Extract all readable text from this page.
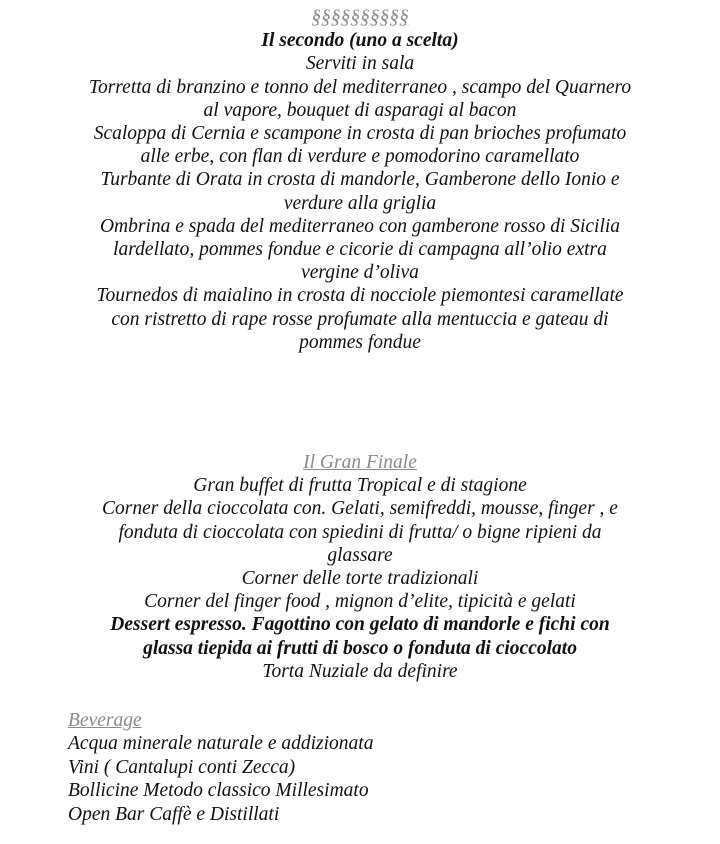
§§§§§§§§§§
Il secondo (uno a scelta)
Serviti in sala
Torretta di branzino e tonno del mediterraneo , scampo del Quarnero
al vapore, bouquet di asparagi al bacon
Scaloppa di Cernia e scampone in crosta di pan brioches profumato
alle erbe, con flan di verdure e pomodorino caramellato
Turbante di Orata in crosta di mandorle, Gamberone dello Ionio e
verdure alla griglia
Ombrina e spada del mediterraneo con gamberone rosso di Sicilia
lardellato, pommes fondue e cicorie di campagna all’olio extra
vergine d’oliva
Tournedos di maialino in crosta di nocciole piemontesi caramellate
con ristretto di rape rosse profumate alla mentuccia e gateau di
pommes fondue
Il Gran Finale
Gran buffet di frutta Tropical e di stagione
Corner della cioccolata con. Gelati, semifreddi, mousse, finger , e
fonduta di cioccolata con spiedini di frutta/ o bigne ripieni da
glassare
Corner delle torte tradizionali
Corner del finger food , mignon d’elite, tipicità e gelati
Dessert espresso. Fagottino con gelato di mandorle e fichi con
glassa tiepida ai frutti di bosco o fonduta di cioccolato
Torta Nuziale da definire
Beverage
Acqua minerale naturale e addizionata
Vini ( Cantalupi conti Zecca)
Bollicine Metodo classico Millesimato
Open Bar Caffè e Distillati
